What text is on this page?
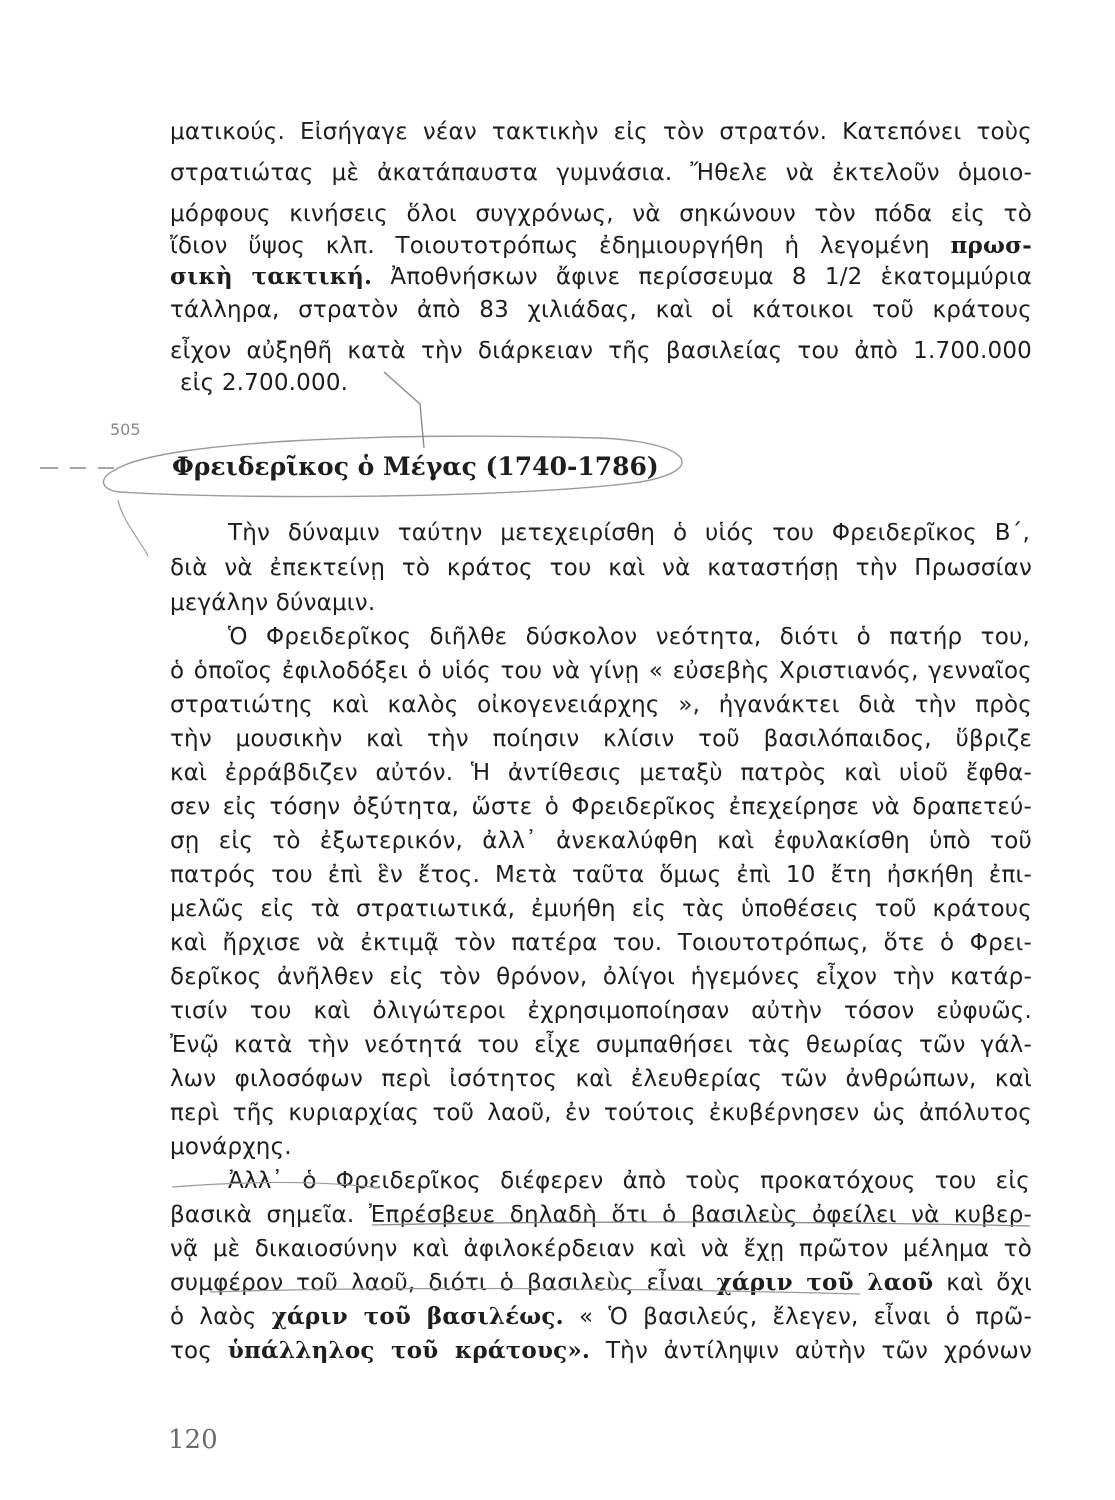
ματικούς. Εἰσήγαγε νέαν τακτικὴν εἰς τὸν στρατόν. Κατεπόνει τοὺς
στρατιώτας μὲ ἀκατάπαυστα γυμνάσια. Ἤθελε νὰ ἐκτελοῦν ὁμοιο-
μόρφους κινήσεις ὅλοι συγχρόνως, νὰ σηκώνουν τὸν πόδα εἰς τὸ
ἴδιον ὕψος κλπ. Τοιουτοτρόπως ἐδημιουργήθη ἡ λεγομένη πρωσ-
σικὴ τακτική. Ἀποθνήσκων ἄφινε περίσσευμα 8 1/2 ἑκατομμύρια
τάλληρα, στρατὸν ἀπὸ 83 χιλιάδας, καὶ οἱ κάτοικοι τοῦ κράτους
εἶχον αὐξηθῆ κατὰ τὴν διάρκειαν τῆς βασιλείας του ἀπὸ 1.700.000
εἰς 2.700.000.
505
Φρειδερῖκος ὁ Μέγας (1740-1786)
Τὴν δύναμιν ταύτην μετεχειρίσθη ὁ υἱός του Φρειδερῖκος Β΄,
διὰ νὰ ἐπεκτείνῃ τὸ κράτος του καὶ νὰ καταστήσῃ τὴν Πρωσσίαν
μεγάλην δύναμιν.
Ὁ Φρειδερῖκος διῆλθε δύσκολον νεότητα, διότι ὁ πατήρ του,
ὁ ὁποῖος ἐφιλοδόξει ὁ υἱός του νὰ γίνῃ « εὐσεβὴς Χριστιανός, γενναῖος
στρατιώτης καὶ καλὸς οἰκογενειάρχης », ἠγανάκτει διὰ τὴν πρὸς
τὴν μουσικὴν καὶ τὴν ποίησιν κλίσιν τοῦ βασιλόπαιδος, ὕβριζε
καὶ ἐρράβδιζεν αὐτόν. Ἡ ἀντίθεσις μεταξὺ πατρὸς καὶ υἱοῦ ἔφθα-
σεν εἰς τόσην ὀξύτητα, ὥστε ὁ Φρειδερῖκος ἐπεχείρησε νὰ δραπετεύ-
σῃ εἰς τὸ ἐξωτερικόν, ἀλλ᾽ ἀνεκαλύφθη καὶ ἐφυλακίσθη ὑπὸ τοῦ
πατρός του ἐπὶ ἓν ἔτος. Μετὰ ταῦτα ὅμως ἐπὶ 10 ἔτη ἠσκήθη ἐπι-
μελῶς εἰς τὰ στρατιωτικά, ἐμυήθη εἰς τὰς ὑποθέσεις τοῦ κράτους
καὶ ἤρχισε νὰ ἐκτιμᾷ τὸν πατέρα του. Τοιουτοτρόπως, ὅτε ὁ Φρει-
δερῖκος ἀνῆλθεν εἰς τὸν θρόνον, ὀλίγοι ἡγεμόνες εἶχον τὴν κατάρ-
τισίν του καὶ ὀλιγώτεροι ἐχρησιμοποίησαν αὐτὴν τόσον εὐφυῶς.
Ἐνῷ κατὰ τὴν νεότητά του εἶχε συμπαθήσει τὰς θεωρίας τῶν γάλ-
λων φιλοσόφων περὶ ἰσότητος καὶ ἐλευθερίας τῶν ἀνθρώπων, καὶ
περὶ τῆς κυριαρχίας τοῦ λαοῦ, ἐν τούτοις ἐκυβέρνησεν ὡς ἀπόλυτος
μονάρχης.
Ἀλλ᾽ ὁ Φρειδερῖκος διέφερεν ἀπὸ τοὺς προκατόχους του εἰς
βασικὰ σημεῖα. Ἐπρέσβευε δηλαδὴ ὅτι ὁ βασιλεὺς ὀφείλει νὰ κυβερ-
νᾷ μὲ δικαιοσύνην καὶ ἀφιλοκέρδειαν καὶ νὰ ἔχῃ πρῶτον μέλημα τὸ
συμφέρον τοῦ λαοῦ, διότι ὁ βασιλεὺς εἶναι χάριν τοῦ λαοῦ καὶ ὄχι
ὁ λαὸς χάριν τοῦ βασιλέως. « Ὁ βασιλεύς, ἔλεγεν, εἶναι ὁ πρῶ-
τος ὑπάλληλος τοῦ κράτους». Τὴν ἀντίληψιν αὐτὴν τῶν χρόνων
120
